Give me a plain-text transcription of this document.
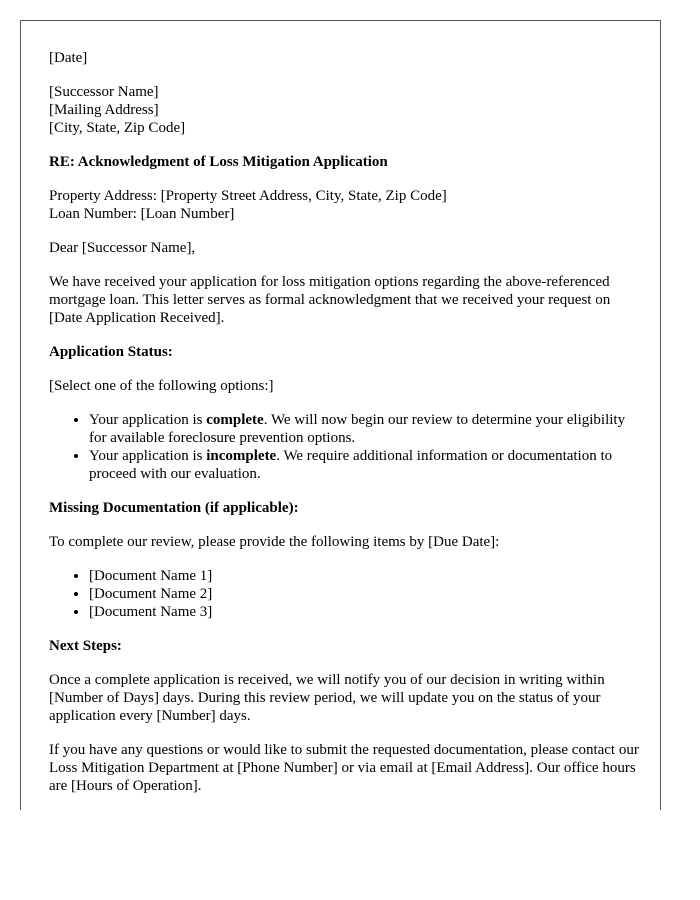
[Date]

[Successor Name]
[Mailing Address]
[City, State, Zip Code]

RE: Acknowledgment of Loss Mitigation Application

Property Address: [Property Street Address, City, State, Zip Code]
Loan Number: [Loan Number]

Dear [Successor Name],

We have received your application for loss mitigation options regarding the above-referenced mortgage loan. This letter serves as formal acknowledgment that we received your request on [Date Application Received].

Application Status:

[Select one of the following options:]

• Your application is complete. We will now begin our review to determine your eligibility for available foreclosure prevention options.
• Your application is incomplete. We require additional information or documentation to proceed with our evaluation.

Missing Documentation (if applicable):

To complete our review, please provide the following items by [Due Date]:

• [Document Name 1]
• [Document Name 2]
• [Document Name 3]

Next Steps:

Once a complete application is received, we will notify you of our decision in writing within [Number of Days] days. During this review period, we will update you on the status of your application every [Number] days.

If you have any questions or would like to submit the requested documentation, please contact our Loss Mitigation Department at [Phone Number] or via email at [Email Address]. Our office hours are [Hours of Operation].
